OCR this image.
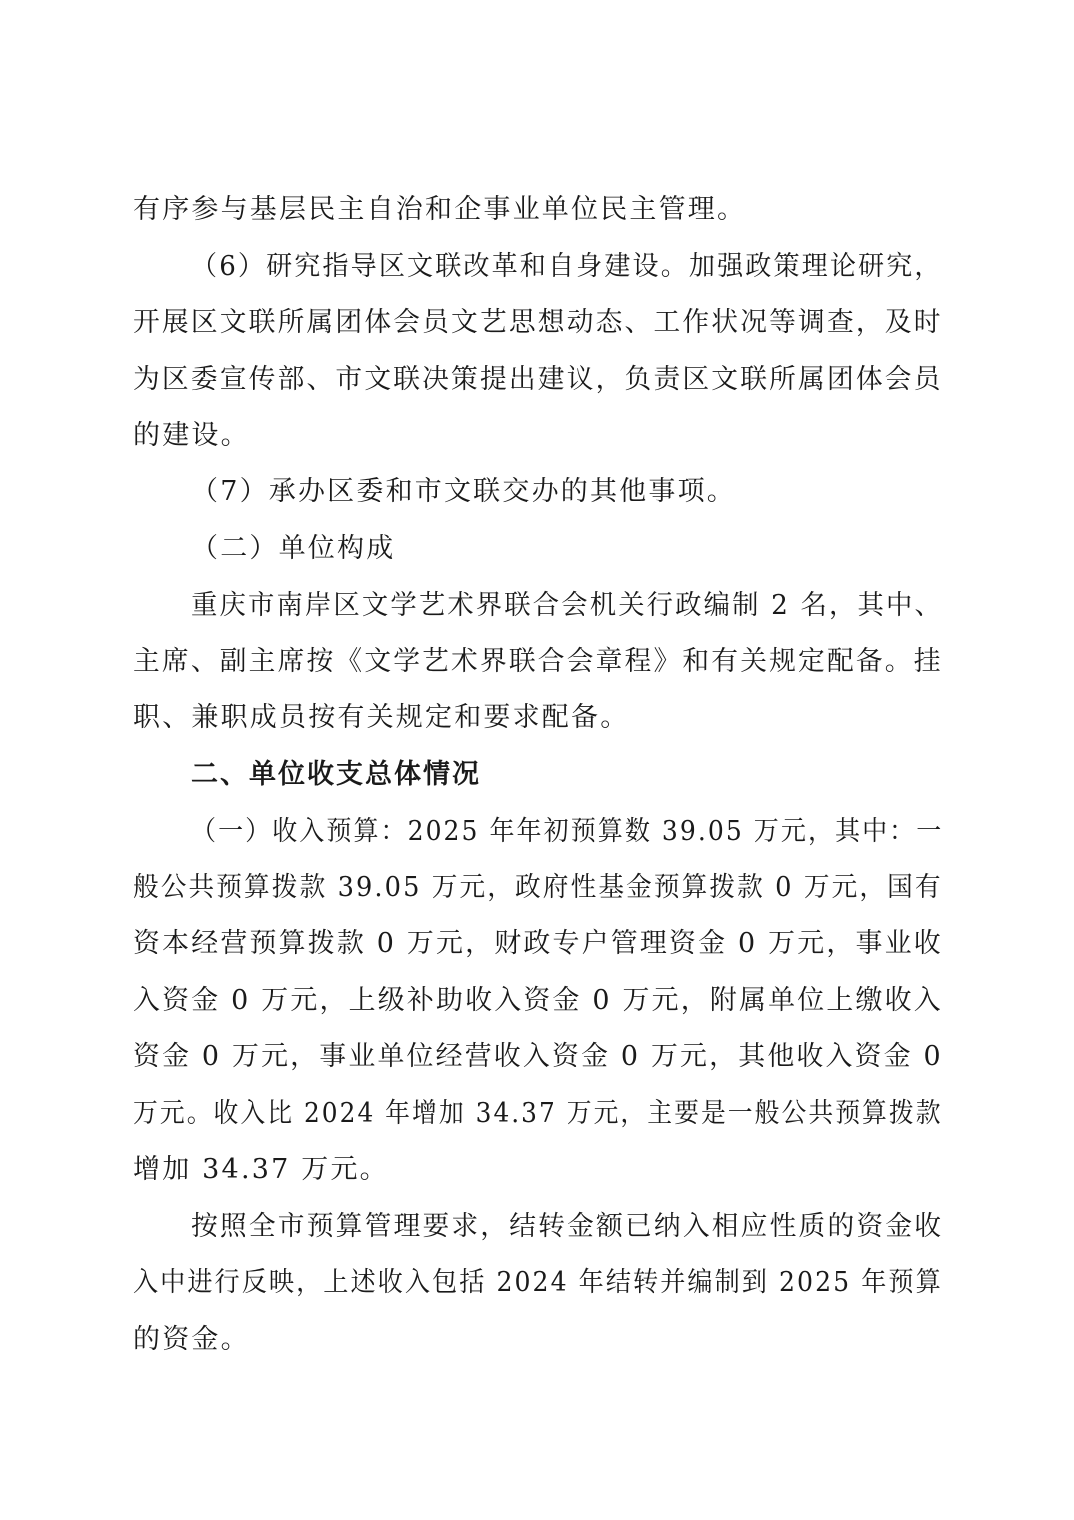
有序参与基层民主自治和企事业单位民主管理。
（6）研究指导区文联改革和自身建设。加强政策理论研究，
开展区文联所属团体会员文艺思想动态、工作状况等调查，及时
为区委宣传部、市文联决策提出建议，负责区文联所属团体会员
的建设。
（7）承办区委和市文联交办的其他事项。
（二）单位构成
重庆市南岸区文学艺术界联合会机关行政编制 2 名，其中、
主席、副主席按《文学艺术界联合会章程》和有关规定配备。挂
职、兼职成员按有关规定和要求配备。
二、单位收支总体情况
（一）收入预算：2025 年年初预算数 39.05 万元，其中：一
般公共预算拨款 39.05 万元，政府性基金预算拨款 0 万元，国有
资本经营预算拨款 0 万元，财政专户管理资金 0 万元，事业收
入资金 0 万元，上级补助收入资金 0 万元，附属单位上缴收入
资金 0 万元，事业单位经营收入资金 0 万元，其他收入资金 0
万元。收入比 2024 年增加 34.37 万元，主要是一般公共预算拨款
增加 34.37 万元。
按照全市预算管理要求，结转金额已纳入相应性质的资金收
入中进行反映，上述收入包括 2024 年结转并编制到 2025 年预算
的资金。
